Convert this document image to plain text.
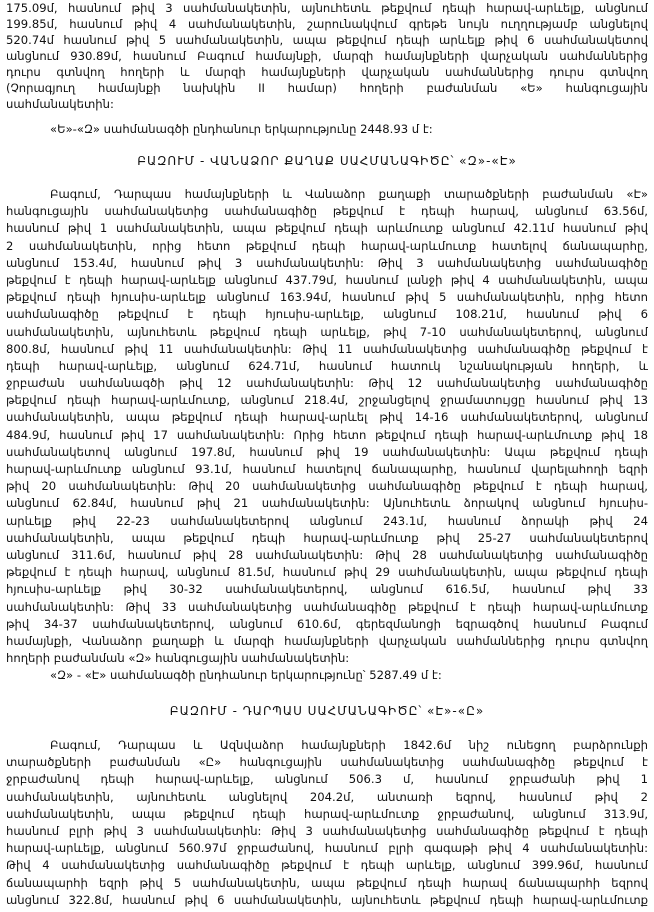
175.09մ, հասնում թիվ 3 սահմանակետին, այնուհետև թեքվում դեպի հարավ-արևելք, անցնում
199.85մ, հասնում թիվ 4 սահմանակետին, շարունակվում գրեթե նույն ուղղությամբ անցնելով
520.74մ հասնում թիվ 5 սահմանակետին, ապա թեքվում դեպի արևելք թիվ 6 սահմանակետով
անցնում 930.89մ, հասնում Բագում համայնքի, մարզի համայնքների վարչական սահմաններից
դուրս գտնվող հողերի և մարզի համայնքների վարչական սահմաններից դուրս գտնվող
(Չորագյուղ համայնքի նախկին II համար) հողերի բաժանման «Ե» հանգուցային
սահմանակետին:
«Ե»-«Զ» սահմանագծի ընդհանուր երկարությունը 2448.93 մ է:
ԲԱԶՈՒՄ - ՎԱՆԱՁՈՐ ՔԱՂԱՔ ՍԱՀՄԱՆԱԳԻԾԸ՝ «Զ»-«Է»
Բագում, Դարպաս համայնքների և Վանաձոր քաղաքի տարածքների բաժանման «Է»
հանգուցային սահմանակետից սահմանագիծը թեքվում է դեպի հարավ, անցնում 63.56մ,
հասնում թիվ 1 սահմանակետին, ապա թեքվում դեպի արևմուտք անցնում 42.11մ հասնում թիվ
2 սահմանակետին, որից հետո թեքվում դեպի հարավ-արևմուտք հատելով ճանապարհը,
անցնում 153.4մ, հասնում թիվ 3 սահմանակետին: Թիվ 3 սահմանակետից սահմանագիծը
թեքվում է դեպի հարավ-արևելք անցնում 437.79մ, հասնում լանջի թիվ 4 սահմանակետին, ապա
թեքվում դեպի հյուսիս-արևելք անցնում 163.94մ, հասնում թիվ 5 սահմանակետին, որից հետո
սահմանագիծը թեքվում է դեպի հյուսիս-արևելք, անցնում 108.21մ, հասնում թիվ 6
սահմանակետին, այնուհետև թեքվում դեպի արևելք, թիվ 7-10 սահմանակետերով, անցնում
800.8մ, հասնում թիվ 11 սահմանակետին: Թիվ 11 սահմանակետից սահմանագիծը թեքվում է
դեպի հարավ-արևելք, անցնում 624.71մ, հասնում հատուկ նշանակության հողերի, և
ջրբաժան սահմանագծի թիվ 12 սահմանակետին: Թիվ 12 սահմանակետից սահմանագիծը
թեքվում դեպի հարավ-արևմուտք, անցնում 218.4մ, շրջանցելով ջրամատույցը հասնում թիվ 13
սահմանակետին, ապա թեքվում դեպի հարավ-արևել թիվ 14-16 սահմանակետերով, անցնում
484.9մ, հասնում թիվ 17 սահմանակետին: Որից հետո թեքվում դեպի հարավ-արևմուտք թիվ 18
սահմանակետով անցնում 197.8մ, հասնում թիվ 19 սահմանակետին: Ապա թեքվում դեպի
հարավ-արևմուտք անցնում 93.1մ, հասնում հատելով ճանապարհը, հասնում վարելահողի եզրի
թիվ 20 սահմանակետին: Թիվ 20 սահմանակետից սահմանագիծը թեքվում է դեպի հարավ,
անցնում 62.84մ, հասնում թիվ 21 սահմանակետին: Այնուհետև ձորակով անցնում հյուսիս-
արևելք թիվ 22-23 սահմանակետերով անցնում 243.1մ, հասնում ձորակի թիվ 24
սահմանակետին, ապա թեքվում դեպի հարավ-արևմուտք թիվ 25-27 սահմանակետերով
անցնում 311.6մ, հասնում թիվ 28 սահմանակետին: Թիվ 28 սահմանակետից սահմանագիծը
թեքվում է դեպի հարավ, անցնում 81.5մ, հասնում թիվ 29 սահմանակետին, ապա թեքվում դեպի
հյուսիս-արևելք թիվ 30-32 սահմանակետերով, անցնում 616.5մ, հասնում թիվ 33
սահմանակետին: Թիվ 33 սահմանակետից սահմանագիծը թեքվում է դեպի հարավ-արևմուտք
թիվ 34-37 սահմանակետերով, անցնում 610.6մ, գերեզմանոցի եզրագծով հասնում Բագում
համայնքի, Վանաձոր քաղաքի և մարզի համայնքների վարչական սահմաններից դուրս գտնվող
հողերի բաժանման «Զ» հանգուցային սահմանակետին:
«Զ» - «Է» սահմանագծի ընդհանուր երկարությունը՝ 5287.49 մ է:
ԲԱԶՈՒՄ - ԴԱՐՊԱՍ ՍԱՀՄԱՆԱԳԻԾԸ՝ «Է»-«Ը»
Բագում, Դարպաս և Ազնվաձոր համայնքների 1842.6մ նիշ ունեցող բարձրունքի
տարածքների բաժանման «Ը» հանգուցային սահմանակետից սահմանագիծը թեքվում է
ջրբաժանով դեպի հարավ-արևելք, անցնում 506.3 մ, հասնում ջրբաժանի թիվ 1
սահմանակետին, այնուհետև անցնելով 204.2մ, անտառի եզրով, հասնում թիվ 2
սահմանակետին, ապա թեքվում դեպի հարավ-արևմուտք ջրբաժանով, անցնում 313.9մ,
հասնում բլրի թիվ 3 սահմանակետին: Թիվ 3 սահմանակետից սահմանագիծը թեքվում է դեպի
հարավ-արևելք, անցնում 560.97մ ջրբաժանով, հասնում բլրի գագաթի թիվ 4 սահմանակետին:
Թիվ 4 սահմանակետից սահմանագիծը թեքվում է դեպի արևելք, անցնում 399.96մ, հասնում
ճանապարհի եզրի թիվ 5 սահմանակետին, ապա թեքվում դեպի հարավ ճանապարհի եզրով
անցնում 322.8մ, հասնում թիվ 6 սահմանակետին, այնուհետև թեքվում դեպի հարավ-արևմուտք
